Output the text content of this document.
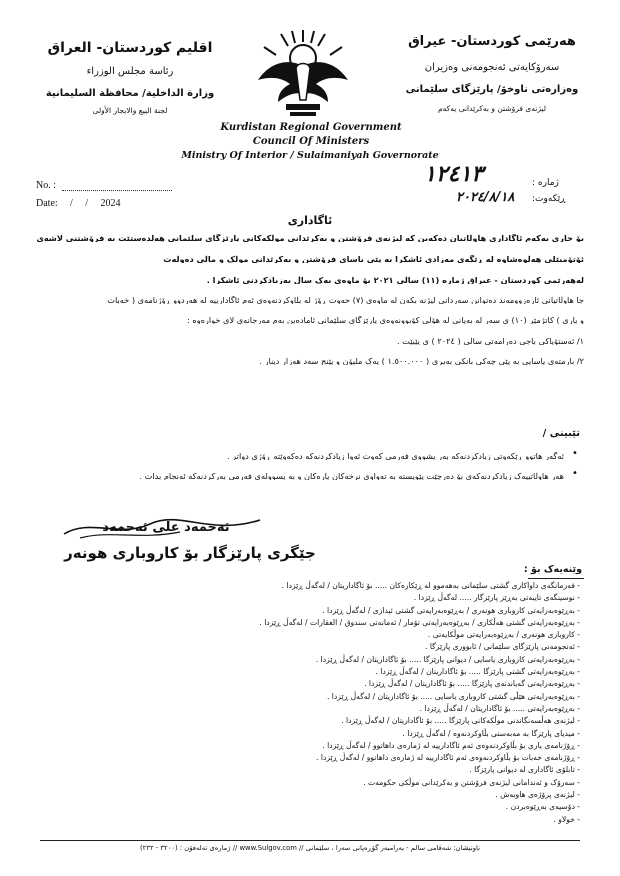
اقليم كوردستان- العراق
رئاسة مجلس الوزراء
وزارة الداخلية/ محافظة السليمانية
لجنة البيع والايجار الأولى
Kurdistan Regional Government
Council Of Ministers
Ministry Of Interior / Sulaimaniyah Governorate
هەرێمی کوردستان- عیراق
سەرۆکایەتی ئەنجومەنی وەزیران
وەزارەتی ناوخۆ/ پارێزگای سلێمانی
لیژنەی فرۆشتن و بەکرێدانی یەکەم
No. :
Date: / / 2024
ژمارە :
١٢٤١٣
ڕێکەوت:
٢٠٢٤/٨/١٨
ئاگاداری
بۆ جاری یەکەم ئاگاداری هاوڵاتیان دەکەین کە لیژنەی فرۆشتن و بەکرێدانی موڵکەکانی پارێزگای سلێمانی هەڵدەستێت بە فرۆشتنی لاشەی
ئۆتۆمبێلی هەڵوەشاوە لە ڕێگەی مەزادی ئاشکرا بە پێی یاسای فرۆشتن و بەکرێدانی موڵک و ماڵی دەوڵەت
لەهەرێمی کوردستان - عیراق ژمارە (١١) ساڵی ٢٠٢١ بۆ ماوەی یەک ساڵ بەزیادکردنی ئاشکرا .
جا هاوڵاتیانی ئارەزوومەند دەتوانن سەردانی لیژنە بکەن لە ماوەی (٧) حەوت ڕۆژ لە بڵاوکردنەوەی ئەم ئاگادارییە لە هەردوو ڕۆژنامەی ( خەبات
و یاری ) کاتژمێر (١٠) ی سەر لە بەیانی لە هۆڵی کۆبوونەوەی پارێزگای سلێمانی ئامادەبن بەم مەرجانەی لای خوارەوە :
١/ ئەستۆپاکی باجی دەرامەتی ساڵی ( ٢٠٢٤ ) ی پێبێت .
٢/ بارمتەی یاسایی بە پێی چەکی بانکی بەبڕی ( ١.٥٠٠.٠٠٠ ) یەک ملیۆن و پێنج سەد هەزار دینار .
تێبینی /
•
ئەگەر هاتوو ڕێکەوتی زیادکردنەکە بەر پشووی فەرمی کەوت ئەوا زیادکردنەکە دەکەوێتە ڕۆژی دواتر .
•
هەر هاوڵاتییەک زیادکردنەکەی بۆ دەرچێت پێویستە بە تەواوی نرخەکان پارەکان و بە پسوولەی فەرمی بەرکردنەکە ئەنجام بدات .
ئەحمەد علی ئەحمەد
جێگری پارێزگار بۆ کاروباری هونەر
وێنەیەک بۆ :
- فەرمانگەی داواکاری گشتی سلێمانی بەهەموو لە ڕێکارەکان ..... بۆ ئاگاداریتان / لەگەڵ ڕێزدا .
- نوسینگەی تایبەتی بەڕێز پارێزگار ..... لەگەڵ ڕێزدا .
- بەڕێوەبەرایەتی کاروباری هونەری / بەڕێوەبەرایەتی گشتی ئیداری / لەگەڵ ڕێزدا .
- بەڕێوەبەرایەتی گشتی هەڵکاری / بەڕێوەبەرایەتی تۆمار / ئەمانەتی سندوق / العقارات / لەگەڵ ڕێزدا .
- کاروباری هونەری / بەڕێوەبەرایەتی موڵکایەتی .
- ئەنجومەنی پارێزگای سلێمانی / ئابووری پارێزگا .
- بەڕێوەبەرایەتی کاروباری یاسایی / دیوانی پارێزگا ..... بۆ ئاگاداریتان / لەگەڵ ڕێزدا .
- بەڕێوەبەرایەتی گشتی پارێزگا ..... بۆ ئاگاداریتان / لەگەڵ ڕێزدا .
- بەڕێوەبەرایەتی گەیاندنەی پارێزگا ..... بۆ ئاگاداریتان / لەگەڵ ڕێزدا .
- بەڕێوەبەرایەتی هێڵی گشتی کاروباری یاسایی ..... بۆ ئاگاداریتان / لەگەڵ ڕێزدا .
- بەڕێوەبەرایەتی ..... بۆ ئاگاداریتان / لەگەڵ ڕێزدا .
- لیژنەی هەڵسەنگاندنی موڵکەکانی پارێزگا ..... بۆ ئاگاداریتان / لەگەڵ ڕێزدا .
- میدیای پارێزگا بە مەبەستی بڵاوکردنەوە / لەگەڵ ڕێزدا .
- ڕۆژنامەی یاری بۆ بڵاوکردنەوەی ئەم ئاگادارییە لە ژمارەی داهاتوو / لەگەڵ ڕێزدا .
- ڕۆژنامەی خەبات بۆ بڵاوکردنەوەی ئەم ئاگادارییە لە ژمارەی داهاتوو / لەگەڵ ڕێزدا .
- تابلۆی ئاگاداری لە دیوانی پارێزگا .
- سەرۆک و ئەندامانی لیژنەی فرۆشتن و بەکرێدانی موڵکی حکومەت .
- لیژنەی پرۆژەی هاوبەش .
- دۆسیەی بەڕێوەبردن .
- خولاو .
ناونیشان: شەقامی سالم - بەرامبەر گۆڕەپانی سەرا ، سلێمانی // www.Sulgov.com // ژمارەی تەلەفۆن : (٣٢٠٠ - ٢٣٢)
